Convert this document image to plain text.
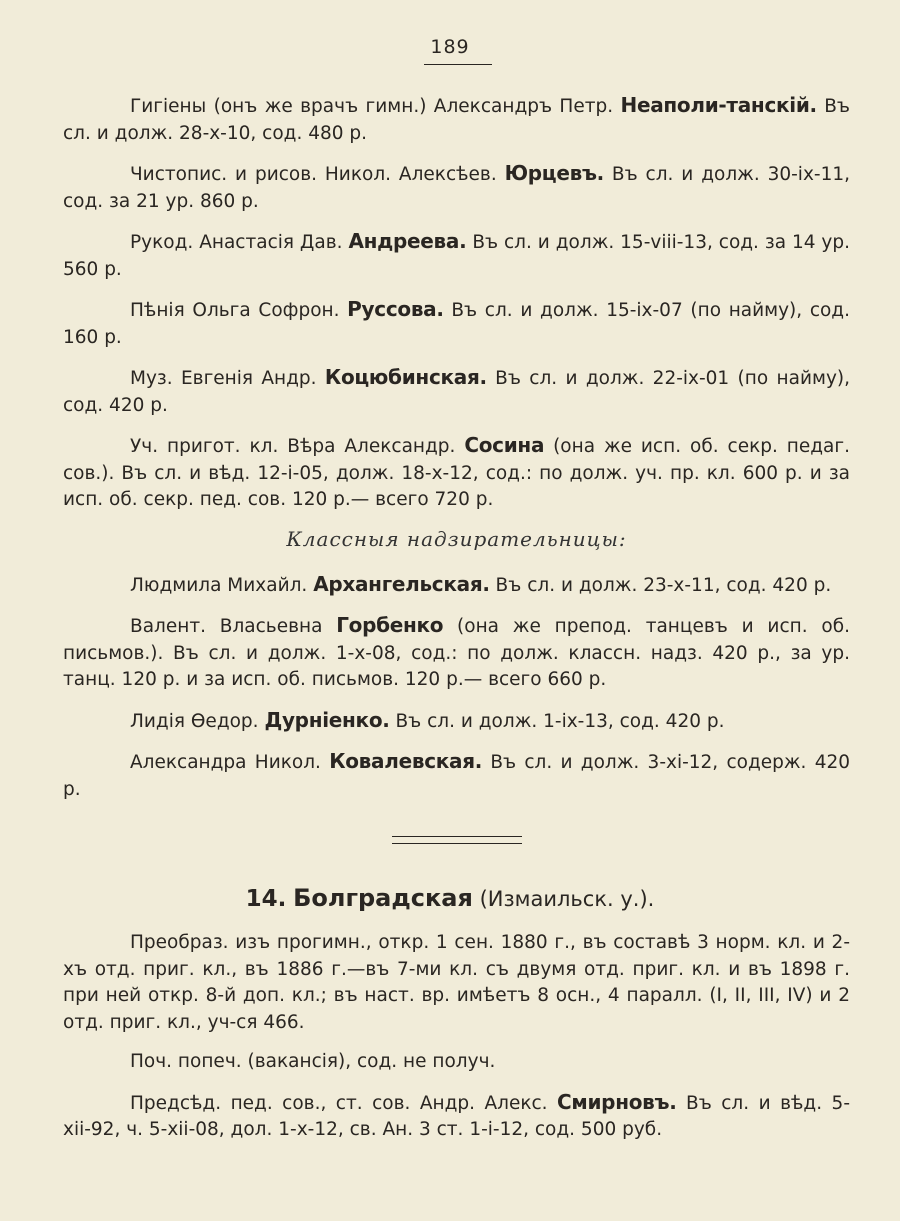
189

Гигіены (онъ же врачъ гимн.) Александръ Петр. Неаполи-танскій. Въ сл. и долж. 28-х-10, сод. 480 р.

Чистопис. и рисов. Никол. Алексѣев. Юрцевъ. Въ сл. и долж. 30-іх-11, сод. за 21 ур. 860 р.

Рукод. Анастасія Дав. Андреева. Въ сл. и долж. 15-vііі-13, сод. за 14 ур. 560 р.

Пѣнія Ольга Софрон. Руссова. Въ сл. и долж. 15-іх-07 (по найму), сод. 160 р.

Муз. Евгенія Андр. Коцюбинская. Въ сл. и долж. 22-іх-01 (по найму), сод. 420 р.

Уч. пригот. кл. Вѣра Александр. Сосина (она же исп. об. секр. педаг. сов.). Въ сл. и вѣд. 12-і-05, долж. 18-х-12, сод.: по долж. уч. пр. кл. 600 р. и за исп. об. секр. пед. сов. 120 р.— всего 720 р.

Классныя надзирательницы:

Людмила Михайл. Архангельская. Въ сл. и долж. 23-х-11, сод. 420 р.

Валент. Власьевна Горбенко (она же препод. танцевъ и исп. об. письмов.). Въ сл. и долж. 1-х-08, сод.: по долж. классн. надз. 420 р., за ур. танц. 120 р. и за исп. об. письмов. 120 р.— всего 660 р.

Лидія Өедор. Дурніенко. Въ сл. и долж. 1-іх-13, сод. 420 р.

Александра Никол. Ковалевская. Въ сл. и долж. 3-хі-12, содерж. 420 р.

14. Болградская (Измаильск. у.).

Преобраз. изъ прогимн., откр. 1 сен. 1880 г., въ составѣ 3 норм. кл. и 2-хъ отд. приг. кл., въ 1886 г.—въ 7-ми кл. съ двумя отд. приг. кл. и въ 1898 г. при ней откр. 8-й доп. кл.; въ наст. вр. имѣетъ 8 осн., 4 паралл. (I, II, III, IV) и 2 отд. приг. кл., уч-ся 466.

Поч. попеч. (вакансія), сод. не получ.

Предсѣд. пед. сов., ст. сов. Андр. Алекс. Смирновъ. Въ сл. и вѣд. 5-хіі-92, ч. 5-хіі-08, дол. 1-х-12, св. Ан. 3 ст. 1-і-12, сод. 500 руб.
